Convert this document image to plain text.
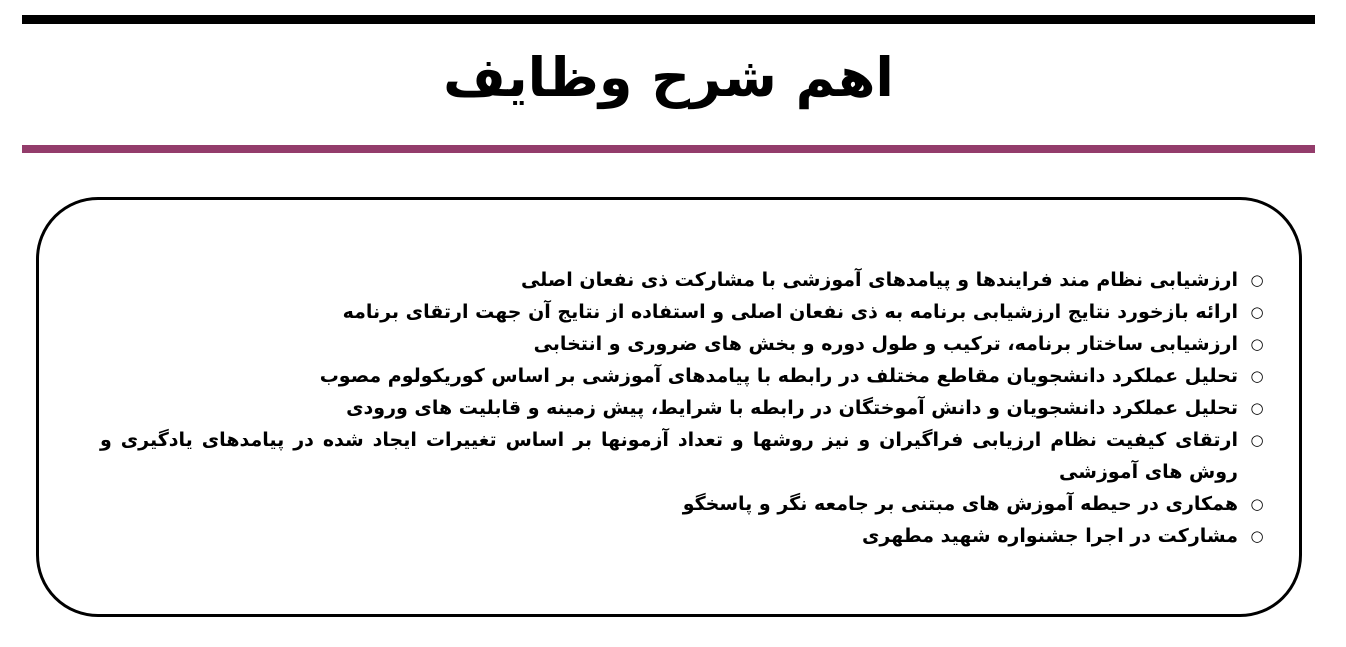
اهم شرح وظایف
○
ارزشیابی نظام مند فرایندها و پیامدهای آموزشی با مشارکت ذی نفعان اصلی
○
ارائه بازخورد نتایج ارزشیابی برنامه به ذی نفعان اصلی و استفاده از نتایج آن جهت ارتقای برنامه
○
ارزشیابی ساختار برنامه، ترکیب و طول دوره و بخش های ضروری و انتخابی
○
تحلیل عملکرد دانشجویان مقاطع مختلف در رابطه با پیامدهای آموزشی بر اساس کوریکولوم مصوب
○
تحلیل عملکرد دانشجویان و دانش آموختگان در رابطه با شرایط، پیش زمینه و قابلیت های ورودی
○
ارتقای کیفیت نظام ارزیابی فراگیران و نیز روشها و تعداد آزمونها بر اساس تغییرات ایجاد شده در پیامدهای یادگیری و روش های آموزشی
○
همکاری در حیطه آموزش های مبتنی بر جامعه نگر و پاسخگو
○
مشارکت در اجرا جشنواره شهید مطهری
